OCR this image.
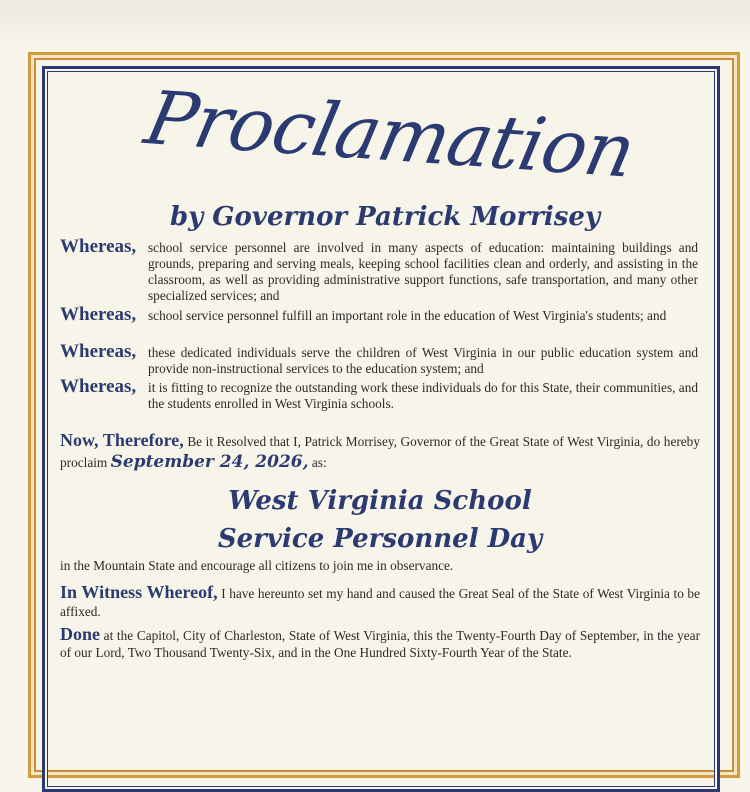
Proclamation
by Governor Patrick Morrisey
Whereas, school service personnel are involved in many aspects of education: maintaining buildings and grounds, preparing and serving meals, keeping school facilities clean and orderly, and assisting in the classroom, as well as providing administrative support functions, safe transportation, and many other specialized services; and
Whereas, school service personnel fulfill an important role in the education of West Virginia's students; and
Whereas, these dedicated individuals serve the children of West Virginia in our public education system and provide non-instructional services to the education system; and
Whereas, it is fitting to recognize the outstanding work these individuals do for this State, their communities, and the students enrolled in West Virginia schools.
Now, Therefore, Be it Resolved that I, Patrick Morrisey, Governor of the Great State of West Virginia, do hereby proclaim September 24, 2026, as:
West Virginia School
Service Personnel Day
in the Mountain State and encourage all citizens to join me in observance.
In Witness Whereof, I have hereunto set my hand and caused the Great Seal of the State of West Virginia to be affixed.
Done at the Capitol, City of Charleston, State of West Virginia, this the Twenty-Fourth Day of September, in the year of our Lord, Two Thousand Twenty-Six, and in the One Hundred Sixty-Fourth Year of the State.
